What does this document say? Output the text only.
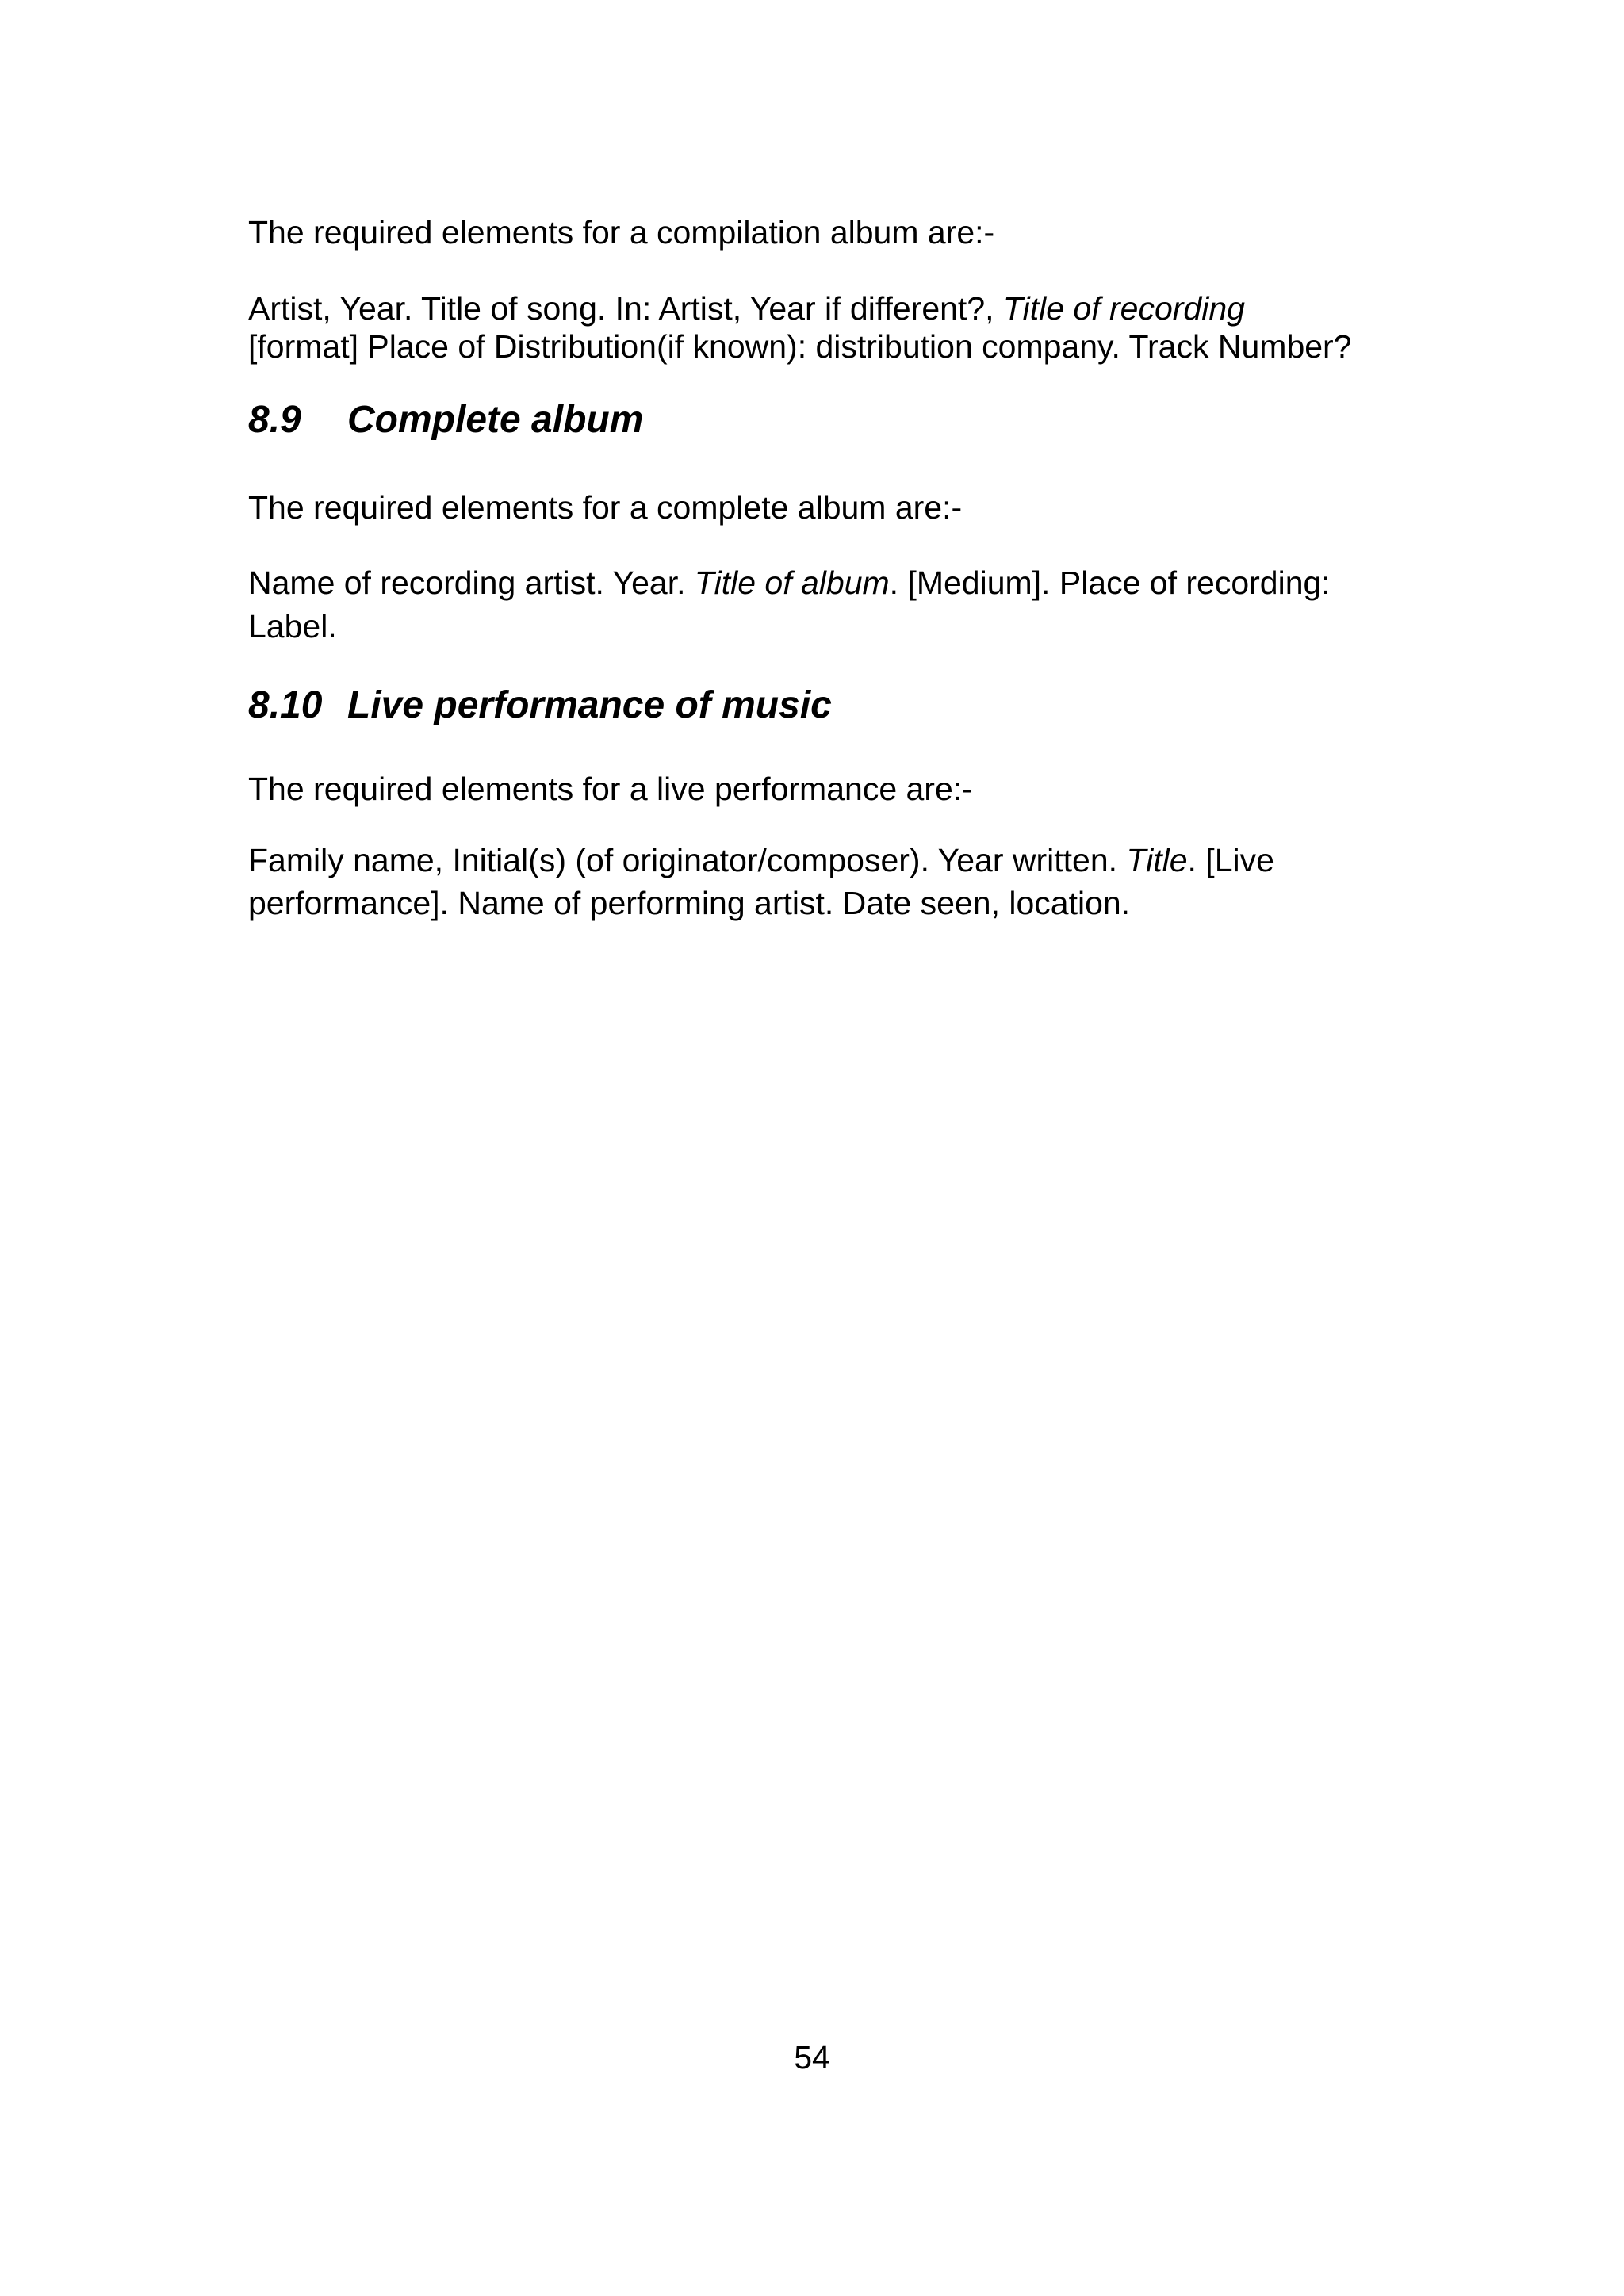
The required elements for a compilation album are:-

Artist, Year. Title of song. In: Artist, Year if different?, Title of recording

[format] Place of Distribution(if known): distribution company. Track Number?

8.9 Complete album

The required elements for a complete album are:-

Name of recording artist. Year. Title of album. [Medium]. Place of recording:

Label.

8.10 Live performance of music

The required elements for a live performance are:-

Family name, Initial(s) (of originator/composer). Year written. Title. [Live

performance]. Name of performing artist. Date seen, location.

54
